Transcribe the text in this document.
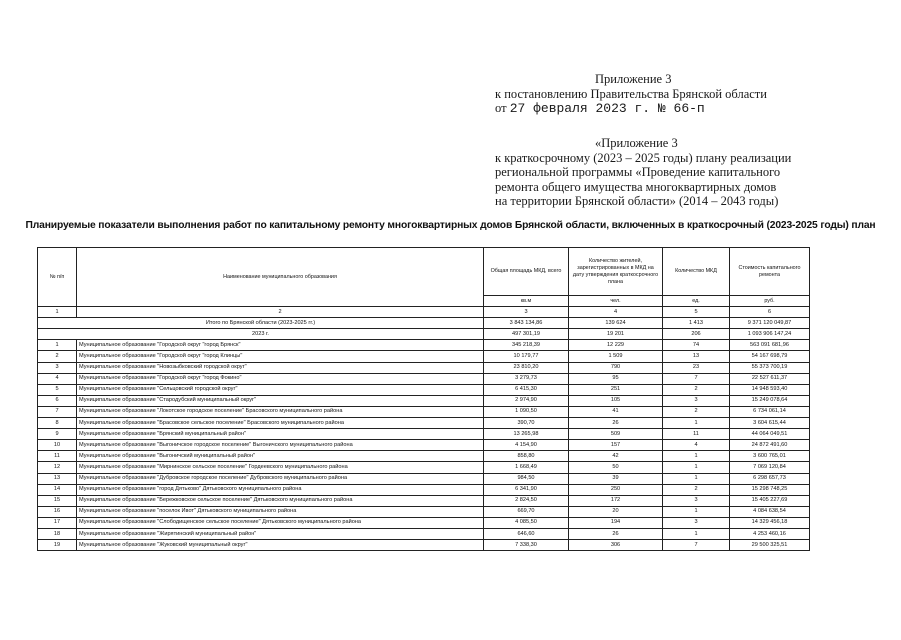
Приложение 3
к постановлению Правительства Брянской области
от 27 февраля 2023 г. № 66-п
«Приложение 3
к краткосрочному (2023 – 2025 годы) плану реализации
региональной программы «Проведение капитального
ремонта общего имущества многоквартирных домов
на территории Брянской области» (2014 – 2043 годы)
Планируемые показатели выполнения работ по капитальному ремонту многоквартирных домов Брянской области, включенных в краткосрочный (2023-2025 годы) план
№ п/п	Наименование муниципального образования	Общая площадь МКД, всего	Количество жителей, зарегистрированных в МКД на дату утверждения краткосрочного плана	Количество МКД	Стоимость капитального ремонта
		кв.м	чел.	ед.	руб.
1	2	3	4	5	6
Итого по Брянской области (2023-2025 гг.)		3 843 134,86	139 624	1 413	9 371 120 049,87
2023 г.		497 301,19	19 201	206	1 093 906 147,24
1	Муниципальное образование "Городской округ "город Брянск"	345 218,39	12 229	74	563 091 681,96
2	Муниципальное образование "Городской округ "город Клинцы"	10 179,77	1 509	13	54 167 698,79
3	Муниципальное образование "Новозыбковский городской округ"	23 810,20	790	23	55 373 700,19
4	Муниципальное образование "Городской округ "город Фокино"	3 279,73	95	7	22 527 611,37
5	Муниципальное образование "Сельцовский городской округ"	6 415,30	251	2	14 948 593,40
6	Муниципальное образование "Стародубский муниципальный округ"	2 974,90	105	3	15 249 078,64
7	Муниципальное образование "Локотское городское поселение" Брасовского муниципального района	1 090,50	41	2	6 734 061,14
8	Муниципальное образование "Брасовское сельское поселение" Брасовского муниципального района	390,70	26	1	3 604 615,44
9	Муниципальное образование "Брянский муниципальный район"	13 265,98	509	11	44 064 049,51
10	Муниципальное образование "Выгоничское городское поселение" Выгоничского муниципального района	4 154,90	157	4	24 872 491,60
11	Муниципальное образование "Выгоничский муниципальный район"	858,80	42	1	3 600 765,01
12	Муниципальное образование "Мирнинское сельское поселение" Гордеевского муниципального района	1 668,49	50	1	7 069 120,84
13	Муниципальное образование "Дубровское городское поселение" Дубровского муниципального района	984,50	39	1	6 298 657,73
14	Муниципальное образование "город Дятьково" Дятьковского муниципального района	6 341,90	250	2	15 298 748,25
15	Муниципальное образование "Бережковское сельское поселение" Дятьковского муниципального района	2 824,50	172	3	15 405 227,69
16	Муниципальное образование "поселок Ивот" Дятьковского муниципального района	669,70	20	1	4 084 638,54
17	Муниципальное образование "Слободищенское сельское поселение" Дятьковского муниципального района	4 085,50	194	3	14 329 456,18
18	Муниципальное образование "Жирятинский муниципальный район"	646,60	26	1	4 253 460,16
19	Муниципальное образование "Жуковский муниципальный округ"	7 338,30	306	7	29 500 325,51
